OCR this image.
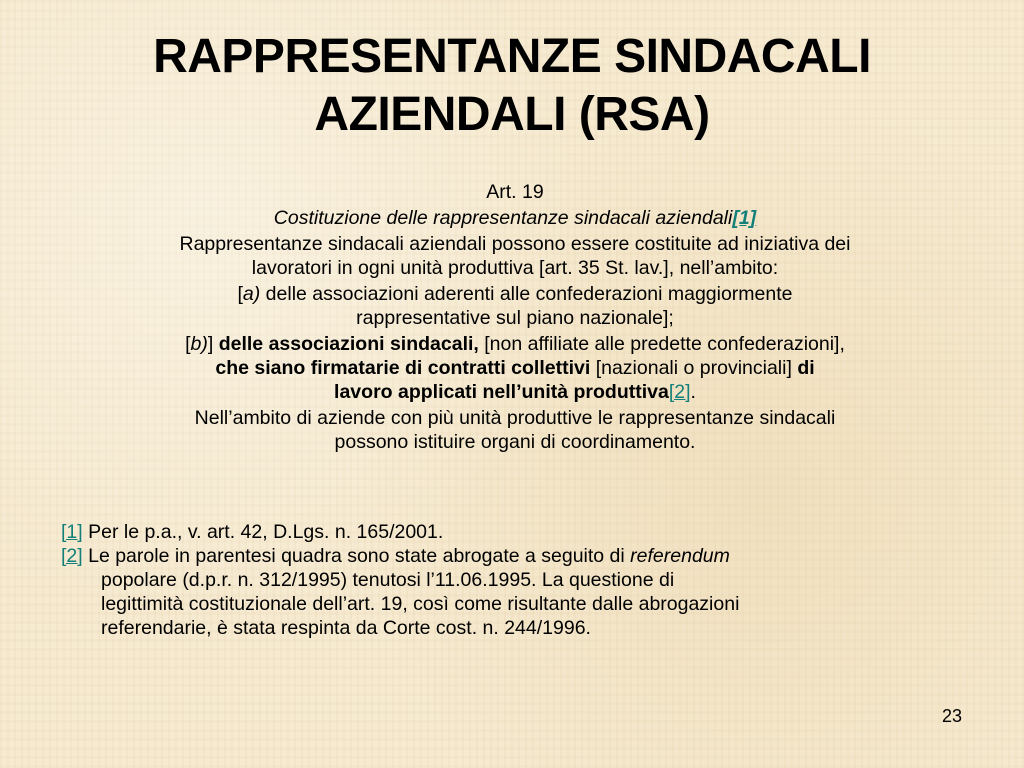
RAPPRESENTANZE SINDACALI
AZIENDALI (RSA)

Art. 19

Costituzione delle rappresentanze sindacali aziendali[1]

Rappresentanze sindacali aziendali possono essere costituite ad iniziativa dei
lavoratori in ogni unità produttiva [art. 35 St. lav.], nell’ambito:

[a) delle associazioni aderenti alle confederazioni maggiormente
rappresentative sul piano nazionale];

[b)] delle associazioni sindacali, [non affiliate alle predette confederazioni],
che siano firmatarie di contratti collettivi [nazionali o provinciali] di
lavoro applicati nell’unità produttiva[2].

Nell’ambito di aziende con più unità produttive le rappresentanze sindacali
possono istituire organi di coordinamento.

[1] Per le p.a., v. art. 42, D.Lgs. n. 165/2001.

[2] Le parole in parentesi quadra sono state abrogate a seguito di referendum
popolare (d.p.r. n. 312/1995) tenutosi l’11.06.1995. La questione di
legittimità costituzionale dell’art. 19, così come risultante dalle abrogazioni
referendarie, è stata respinta da Corte cost. n. 244/1996.

23
